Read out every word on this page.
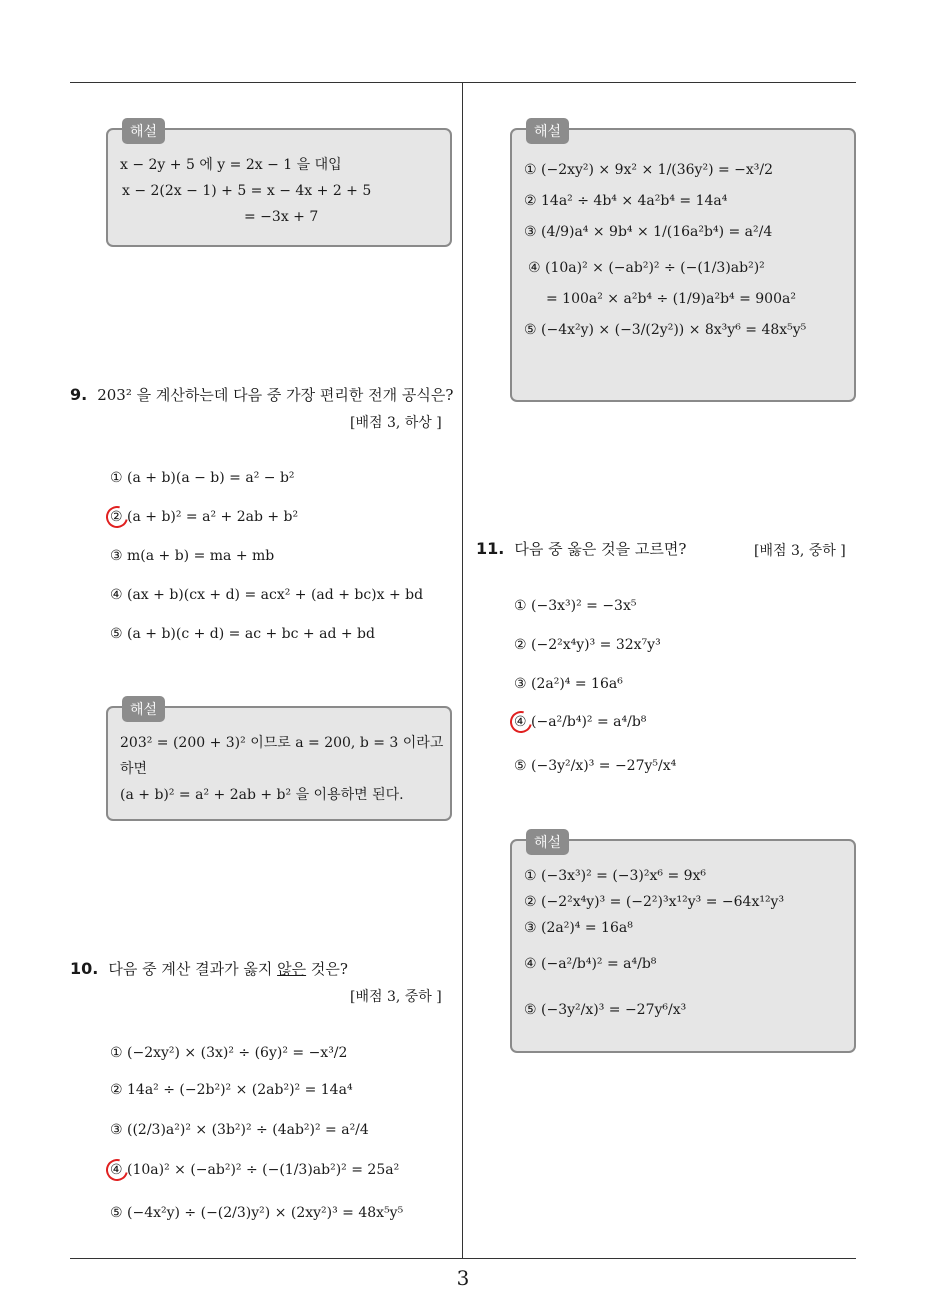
3
해설
x − 2y + 5 에 y = 2x − 1 을 대입
x − 2(2x − 1) + 5 = x − 4x + 2 + 5
= −3x + 7
9. 203² 을 계산하는데 다음 중 가장 편리한 전개 공식은?
[배점 3, 하상 ]
① (a + b)(a − b) = a² − b²
② (a + b)² = a² + 2ab + b²
③ m(a + b) = ma + mb
④ (ax + b)(cx + d) = acx² + (ad + bc)x + bd
⑤ (a + b)(c + d) = ac + bc + ad + bd
해설
203² = (200 + 3)² 이므로 a = 200, b = 3 이라고
하면
(a + b)² = a² + 2ab + b² 을 이용하면 된다.
10. 다음 중 계산 결과가 옳지 않은 것은?
[배점 3, 중하 ]
① (−2xy²) × (3x)² ÷ (6y)² = −x³/2
② 14a² ÷ (−2b²)² × (2ab²)² = 14a⁴
③ ((2/3)a²)² × (3b²)² ÷ (4ab²)² = a²/4
④ (10a)² × (−ab²)² ÷ (−(1/3)ab²)² = 25a²
⑤ (−4x²y) ÷ (−(2/3)y²) × (2xy²)³ = 48x⁵y⁵
해설
① (−2xy²) × 9x² × 1/(36y²) = −x³/2
② 14a² ÷ 4b⁴ × 4a²b⁴ = 14a⁴
③ (4/9)a⁴ × 9b⁴ × 1/(16a²b⁴) = a²/4
④ (10a)² × (−ab²)² ÷ (−(1/3)ab²)²
= 100a² × a²b⁴ ÷ (1/9)a²b⁴ = 900a²
⑤ (−4x²y) × (−3/(2y²)) × 8x³y⁶ = 48x⁵y⁵
11. 다음 중 옳은 것을 고르면?	[배점 3, 중하 ]
① (−3x³)² = −3x⁵
② (−2²x⁴y)³ = 32x⁷y³
③ (2a²)⁴ = 16a⁶
④ (−a²/b⁴)² = a⁴/b⁸
⑤ (−3y²/x)³ = −27y⁵/x⁴
해설
① (−3x³)² = (−3)²x⁶ = 9x⁶
② (−2²x⁴y)³ = (−2²)³x¹²y³ = −64x¹²y³
③ (2a²)⁴ = 16a⁸
④ (−a²/b⁴)² = a⁴/b⁸
⑤ (−3y²/x)³ = −27y⁶/x³
